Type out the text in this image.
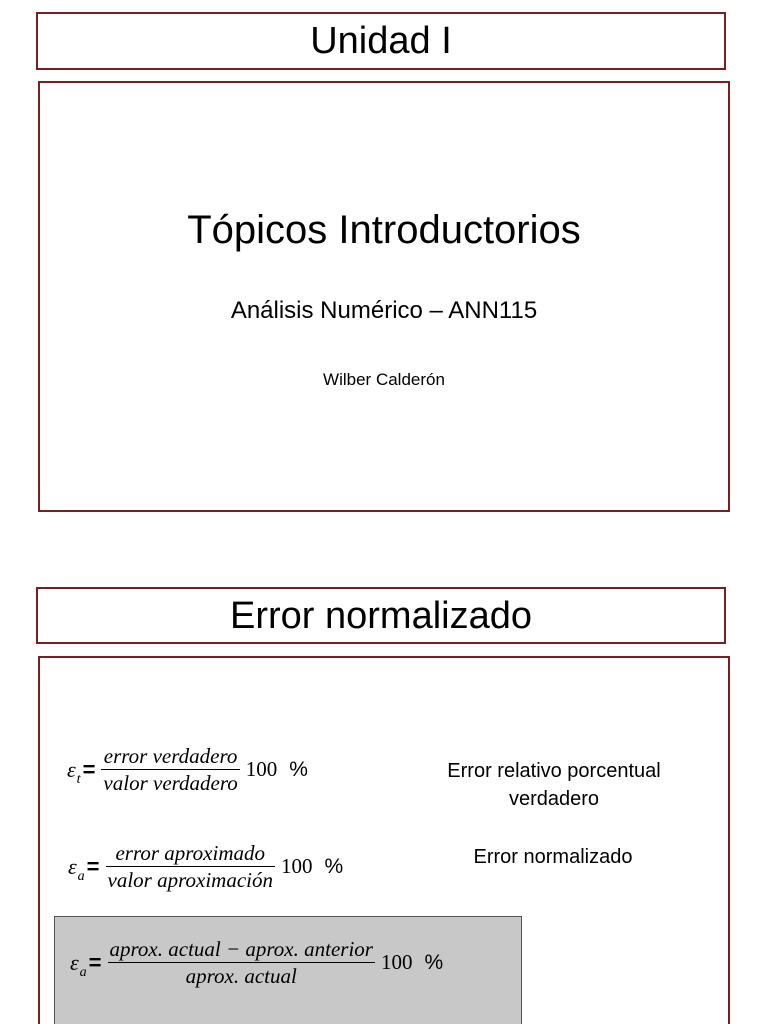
Unidad I
Tópicos Introductorios
Análisis Numérico – ANN115
Wilber Calderón
Error normalizado
ε $t = \frac{\text{error verdadero}}{\text{valor verdadero}} 100$ %	Error relativo porcentual verdadero
ε $a = \frac{\text{error aproximado}}{\text{valor aproximación}} 100$ %	Error normalizado
ε $a = \frac{\text{aprox. actual − aprox. anterior}}{\text{aprox. actual}} 100$ %
